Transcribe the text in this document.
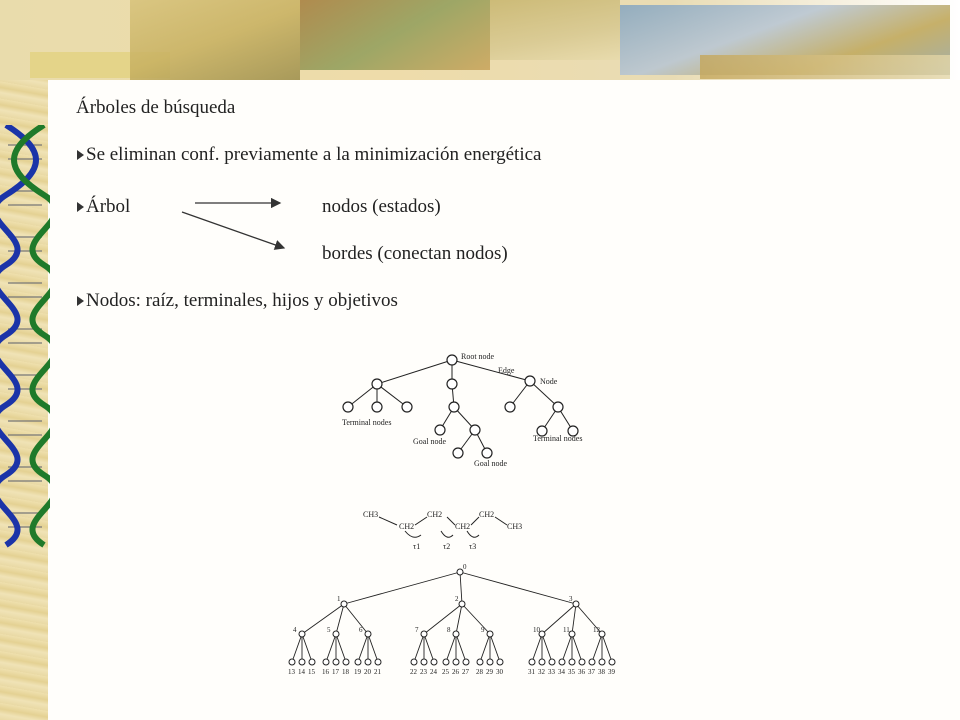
Árboles de búsqueda
Se eliminan conf. previamente a la minimización energética
Árbol	nodos (estados)
bordes (conectan nodos)
Nodos: raíz, terminales, hijos y objetivos
Root node
Edge
Node
Terminal nodes
Goal node	Terminal nodes
Goal node
CH3
CH2
CH2
CH2
CH2
CH3
τ1	τ2 τ3
0
1	2	3
4	5	6	7	8	9	10	11	12
13 14 15 16 17 18 19 20 21	22 23 24 25 26 27 28 29 30	31 32 33 34 35 36 37 38 39
